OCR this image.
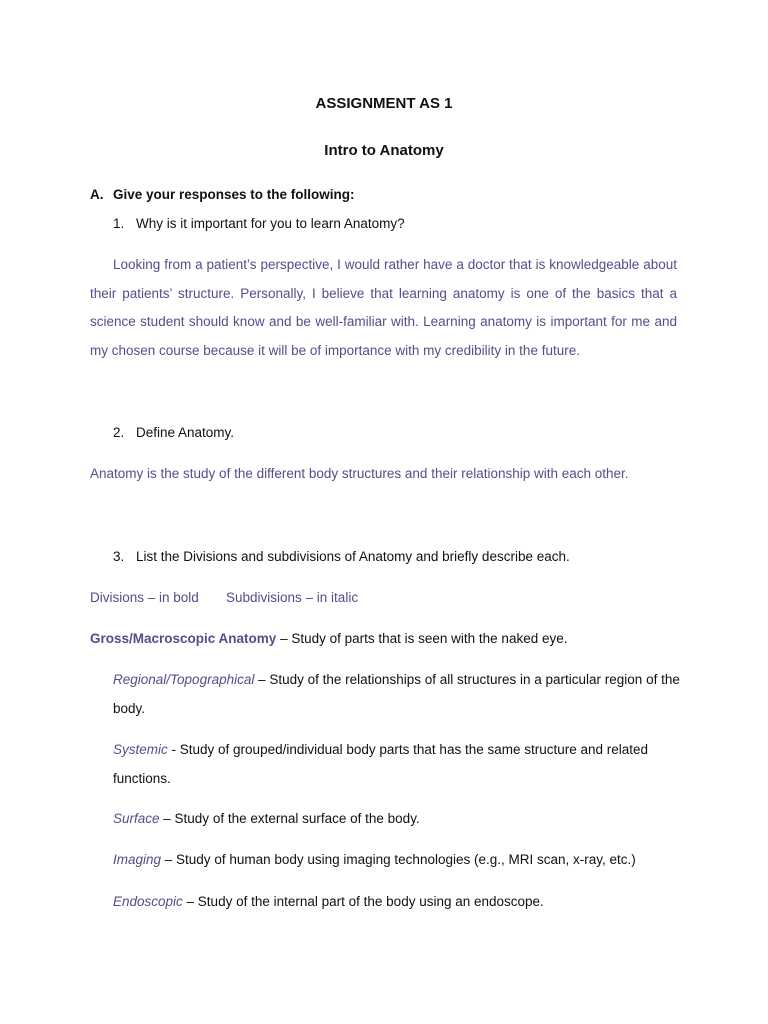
ASSIGNMENT AS 1

Intro to Anatomy

A. Give your responses to the following:

1. Why is it important for you to learn Anatomy?

Looking from a patient’s perspective, I would rather have a doctor that is knowledgeable about their patients’ structure. Personally, I believe that learning anatomy is one of the basics that a science student should know and be well-familiar with. Learning anatomy is important for me and my chosen course because it will be of importance with my credibility in the future.

2. Define Anatomy.

Anatomy is the study of the different body structures and their relationship with each other.

3. List the Divisions and subdivisions of Anatomy and briefly describe each.

Divisions – in bold Subdivisions – in italic

Gross/Macroscopic Anatomy – Study of parts that is seen with the naked eye.

Regional/Topographical – Study of the relationships of all structures in a particular region of the body.

Systemic - Study of grouped/individual body parts that has the same structure and related functions.

Surface – Study of the external surface of the body.

Imaging – Study of human body using imaging technologies (e.g., MRI scan, x-ray, etc.)

Endoscopic – Study of the internal part of the body using an endoscope.
